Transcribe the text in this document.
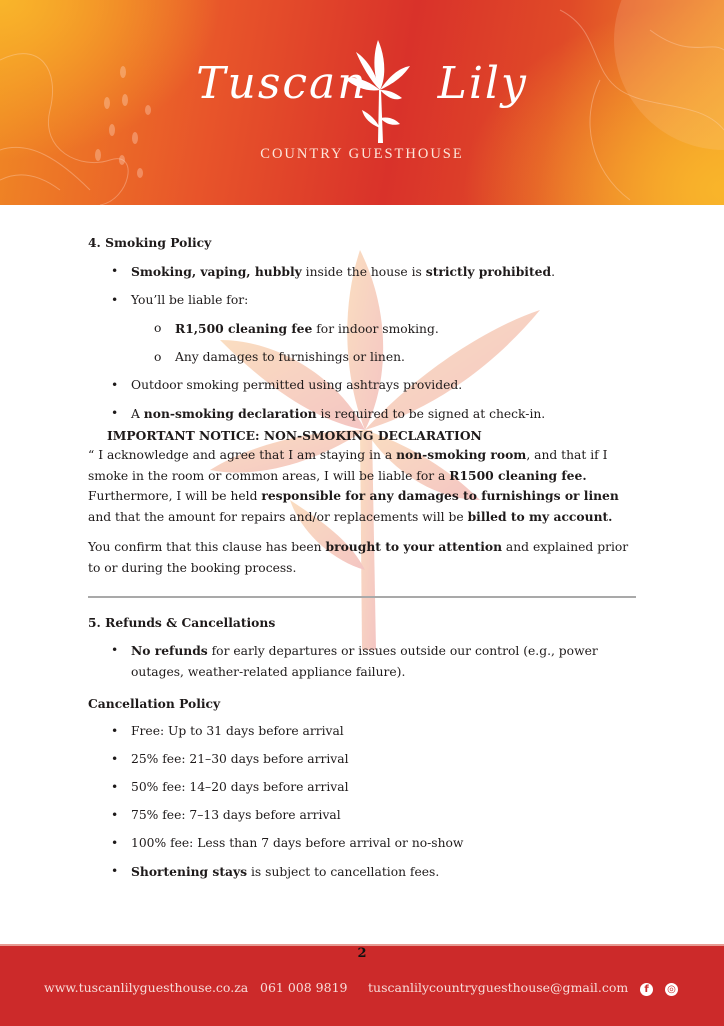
Tuscan Lily
COUNTRY GUESTHOUSE

4. Smoking Policy

• Smoking, vaping, hubbly inside the house is strictly prohibited.
• You’ll be liable for:
o R1,500 cleaning fee for indoor smoking.
o Any damages to furnishings or linen.
• Outdoor smoking permitted using ashtrays provided.
• A non-smoking declaration is required to be signed at check-in.

IMPORTANT NOTICE: NON-SMOKING DECLARATION

“ I acknowledge and agree that I am staying in a non-smoking room, and that if I smoke in the room or common areas, I will be liable for a R1500 cleaning fee. Furthermore, I will be held responsible for any damages to furnishings or linen and that the amount for repairs and/or replacements will be billed to my account.

You confirm that this clause has been brought to your attention and explained prior to or during the booking process.

5. Refunds & Cancellations

• No refunds for early departures or issues outside our control (e.g., power outages, weather-related appliance failure).

Cancellation Policy

• Free: Up to 31 days before arrival
• 25% fee: 21–30 days before arrival
• 50% fee: 14–20 days before arrival
• 75% fee: 7–13 days before arrival
• 100% fee: Less than 7 days before arrival or no-show
• Shortening stays is subject to cancellation fees.
2
www.tuscanlilyguesthouse.co.za 061 008 9819 tuscanlilycountryguesthouse@gmail.com	f	◎
